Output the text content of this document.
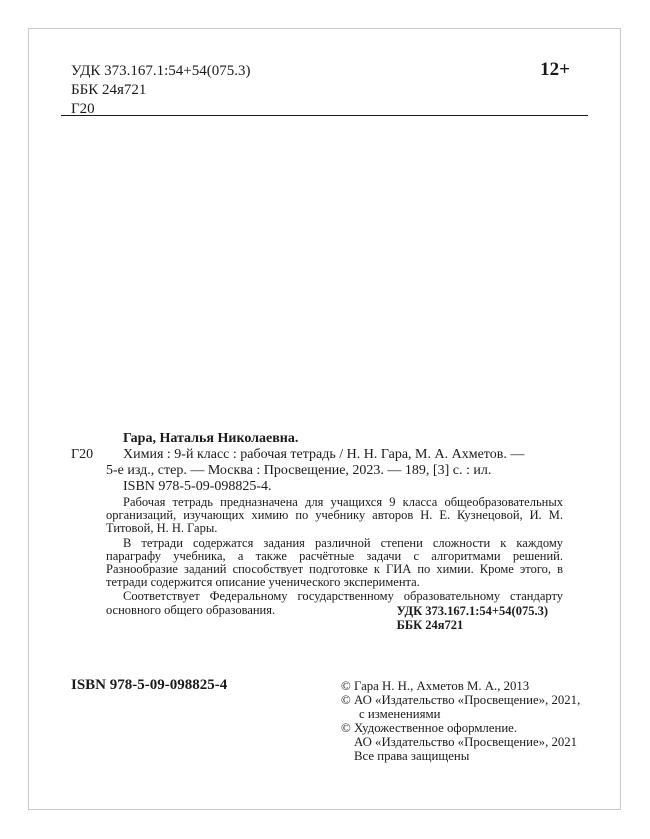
УДК 373.167.1:54+54(075.3)
ББК 24я721
Г20
12+
Г20
Гара, Наталья Николаевна.
Химия : 9-й класс : рабочая тетрадь / Н. Н. Гара, М. А. Ахметов. —
5-е изд., стер. — Москва : Просвещение, 2023. — 189, [3] с. : ил.
ISBN 978-5-09-098825-4.

Рабочая тетрадь предназначена для учащихся 9 класса общеобразовательных организаций, изучающих химию по учебнику авторов Н. Е. Кузнецовой, И. М. Титовой, Н. Н. Гары.

В тетради содержатся задания различной степени сложности к каждому параграфу учебника, а также расчётные задачи с алгоритмами решений. Разнообразие заданий способствует подготовке к ГИА по химии. Кроме этого, в тетради содержится описание ученического эксперимента.

Соответствует Федеральному государственному образовательному стандарту основного общего образования.	УДК 373.167.1:54+54(075.3)
ББК 24я721
ISBN 978-5-09-098825-4	© Гара Н. Н., Ахметов М. А., 2013
© АО «Издательство «Просвещение», 2021,
с изменениями
© Художественное оформление.
АО «Издательство «Просвещение», 2021
Все права защищены
